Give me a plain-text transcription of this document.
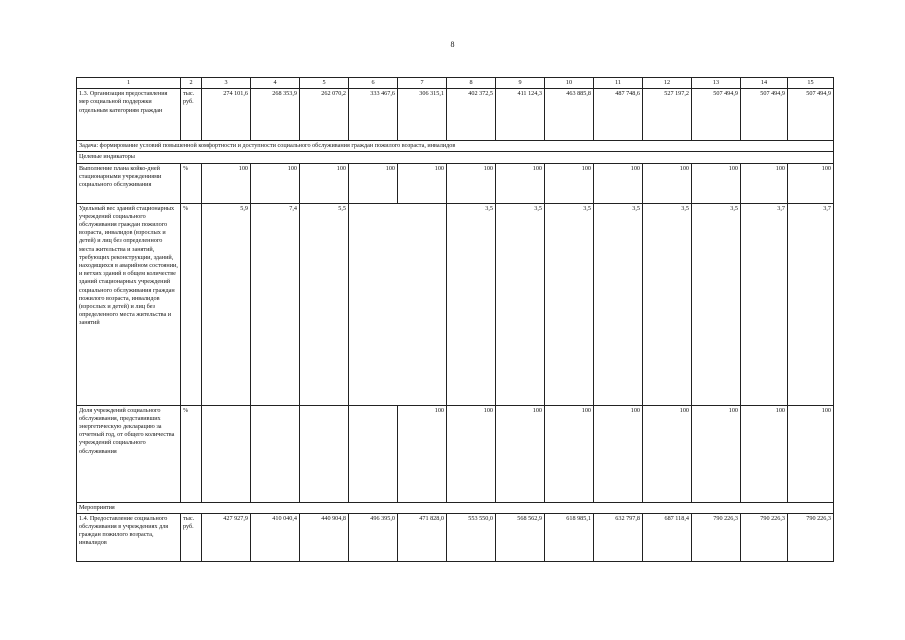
8
1	2	3	4	5	6	7	8	9	10	11	12	13	14	15
1.3. Организация предоставления мер социальной поддержки отдельным категориям граждан	тыс. руб.	274 101,6	268 353,9	262 070,2	333 467,6	306 315,1	402 372,5	411 124,3	463 885,8	487 748,6	527 197,2	507 494,9	507 494,9	507 494,9
Задача: формирование условий повышенной комфортности и доступности социального обслуживания граждан пожилого возраста, инвалидов														
Целевые индикаторы														
Выполнение плана койко-дней стационарными учреждениями социального обслуживания	%	100	100	100	100	100	100	100	100	100	100	100	100	100
Удельный вес зданий стационарных учреждений социального обслуживания граждан пожилого возраста, инвалидов (взрослых и детей) и лиц без определенного места жительства и занятий, требующих реконструкции, зданий, находящихся в аварийном состоянии, и ветхих зданий в общем количестве зданий стационарных учреждений социального обслуживания граждан пожилого возраста, инвалидов (взрослых и детей) и лиц без определенного места жительства и занятий	%	5,9	7,4	5,5			3,5	3,5	3,5	3,5	3,5	3,5	3,7	3,7
Доля учреждений социального обслуживания, представивших энергетическую декларацию за отчетный год, от общего количества учреждений социального обслуживания	%					100	100	100	100	100	100	100	100	100
Мероприятия														
1.4. Предоставление социального обслуживания в учреждениях для граждан пожилого возраста, инвалидов	тыс. руб.	427 927,9	410 040,4	440 904,8	496 395,0	471 828,0	553 550,0	568 562,9	618 985,1	632 797,8	687 118,4	790 226,3	790 226,3	790 226,3
